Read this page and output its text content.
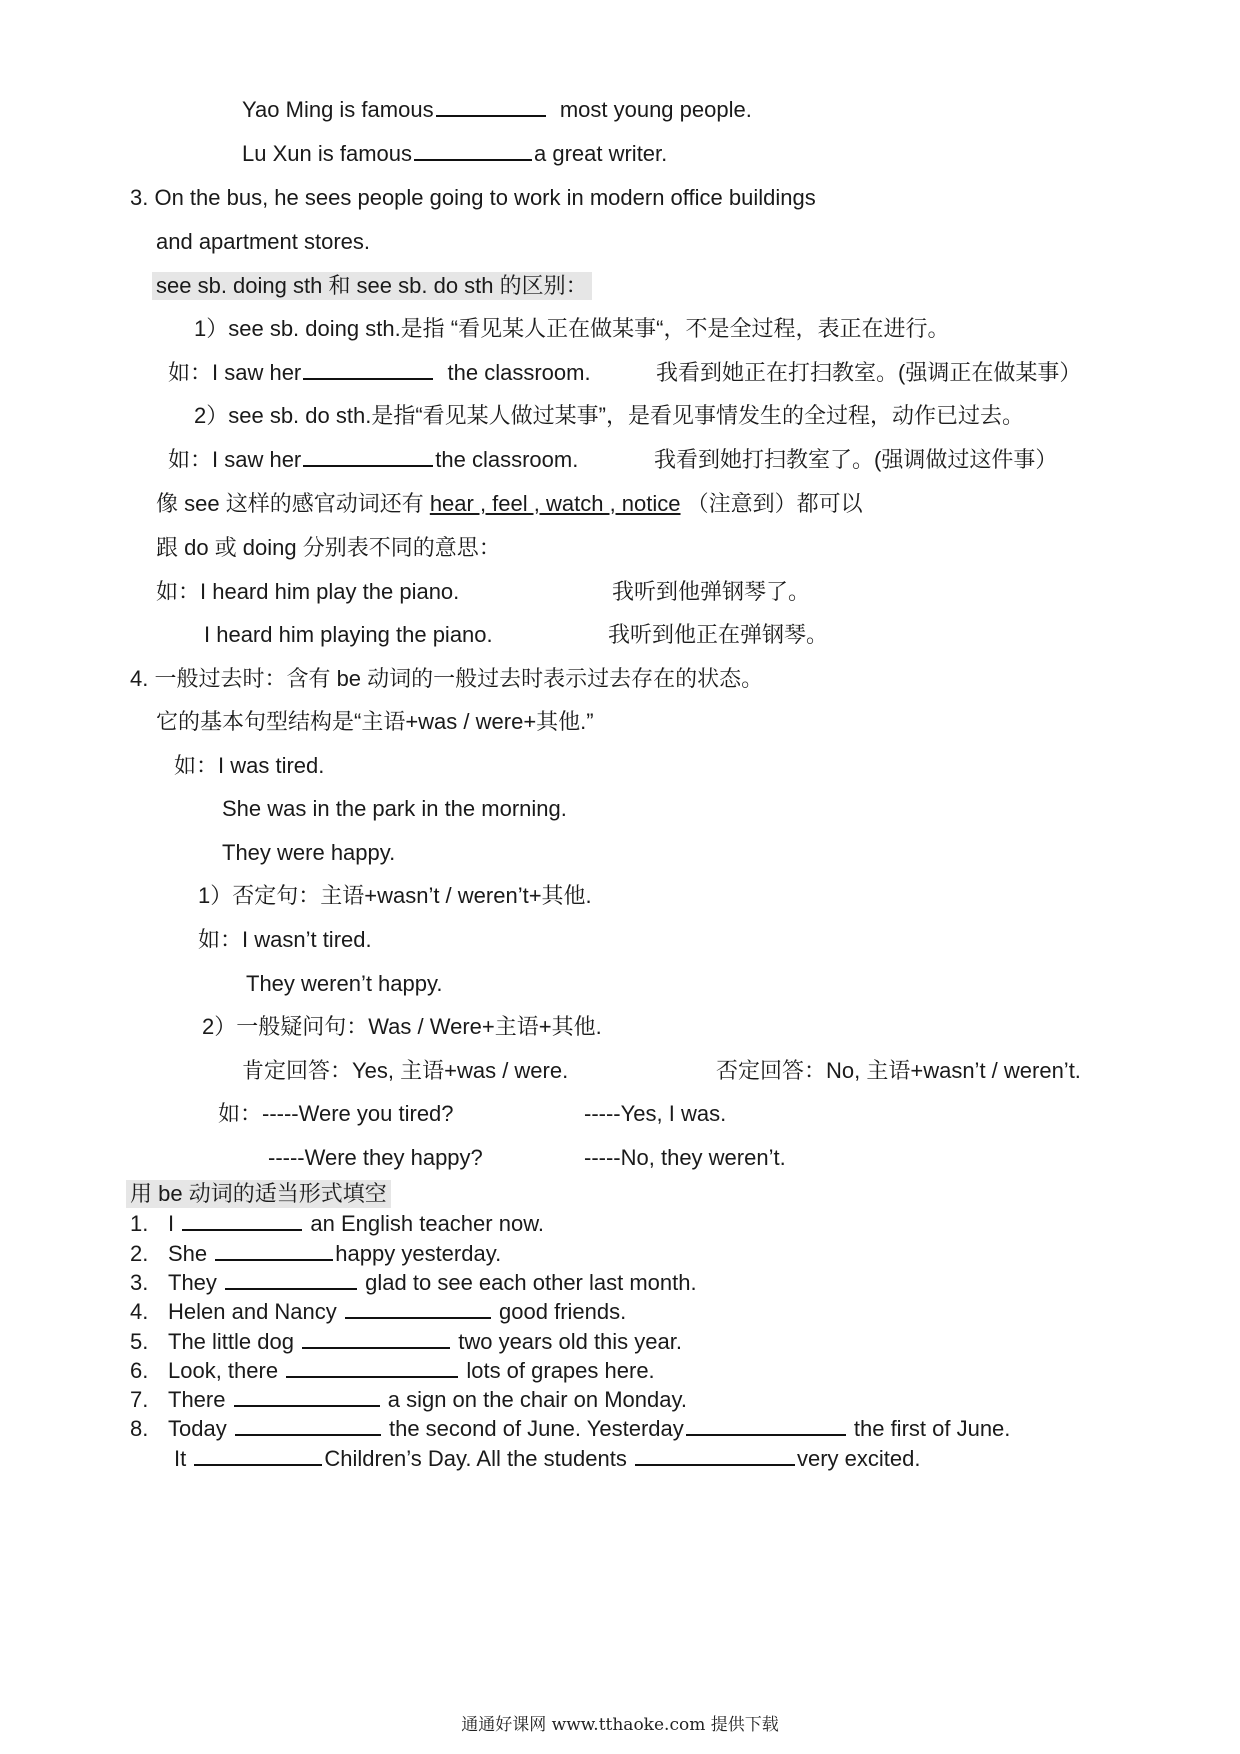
Yao Ming is famous	most young people.
Lu Xun is famous	a great writer.
3. On the bus, he sees people going to work in modern office buildings
and apartment stores.
see sb. doing sth 和 see sb. do sth 的区别：
1）see sb. doing sth.是指 “看见某人正在做某事“，不是全过程，表正在进行。
如：I saw her	the classroom.	我看到她正在打扫教室。(强调正在做某事）
2）see sb. do sth.是指“看见某人做过某事”，是看见事情发生的全过程，动作已过去。
如：I saw her	the classroom.	我看到她打扫教室了。(强调做过这件事）
像 see 这样的感官动词还有 hear , feel , watch , notice （注意到）都可以
跟 do 或 doing 分别表不同的意思：
如：I heard him play the piano.	我听到他弹钢琴了。
I heard him playing the piano.	我听到他正在弹钢琴。
4. 一般过去时：含有 be 动词的一般过去时表示过去存在的状态。
它的基本句型结构是“主语+was / were+其他.”
如：I was tired.
She was in the park in the morning.
They were happy.
1）否定句：主语+wasn’t / weren’t+其他.
如：I wasn’t tired.
They weren’t happy.
2）一般疑问句：Was / Were+主语+其他.
肯定回答：Yes, 主语+was / were.	否定回答：No, 主语+wasn’t / weren’t.
如：-----Were you tired?	-----Yes, I was.
-----Were they happy?	-----No, they weren’t.
用 be 动词的适当形式填空
1. I	an English teacher now.
2. She	happy yesterday.
3. They	glad to see each other last month.
4. Helen and Nancy	good friends.
5. The little dog	two years old this year.
6. Look, there	lots of grapes here.
7. There	a sign on the chair on Monday.
8. Today	the second of June. Yesterday	the first of June.
It	Children’s Day. All the students	very excited.
通通好课网 www.tthaoke.com 提供下载
